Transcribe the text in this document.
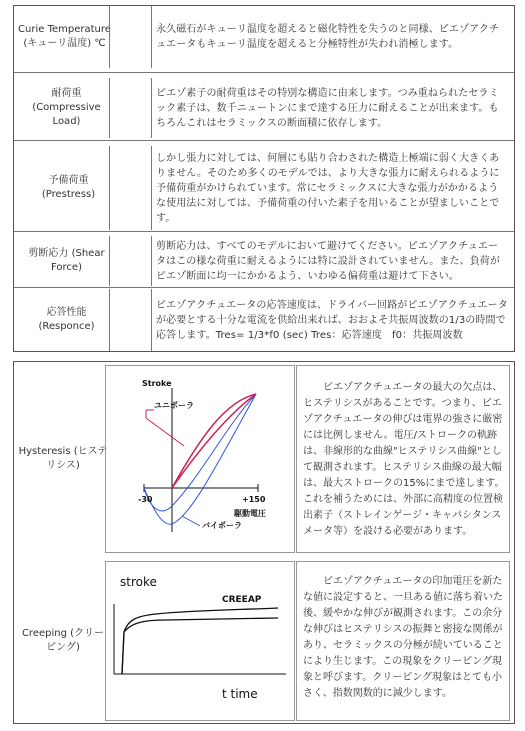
Curie Temperature (キューリ温度) ℃
永久磁石がキューリ温度を超えると磁化特性を失うのと同様、ピエゾアクチュエータもキューリ温度を超えると分極特性が失われ消極します。
耐荷重 (Compressive Load)
ピエゾ素子の耐荷重はその特別な構造に由来します。つみ重ねられたセラミック素子は、数千ニュートンにまで達する圧力に耐えることが出来ます。もちろんこれはセラミックスの断面積に依存します。
予備荷重 (Prestress)
しかし張力に対しては、何層にも貼り合わされた構造上極端に弱く大きくありません。そのため多くのモデルでは、より大きな張力に耐えられるように予備荷重がかけられています。常にセラミックスに大きな張力がかかるような使用法に対しては、予備荷重の付いた素子を用いることが望ましいことです。
剪断応力 (Shear Force)
剪断応力は、すべてのモデルにおいて避けてください。ピエゾアクチュエータはこの様な荷重に耐えるようには特に設計されていません。また、負荷がピエゾ断面に均一にかかるよう、いわゆる偏荷重は避けて下さい。
応答性能 (Responce)
ピエゾアクチュエータの応答速度は、ドライバー回路がピエゾアクチュエータが必要とする十分な電流を供給出来れば、おおよそ共振周波数の1/3の時間で応答します。Tres= 1/3*f0 (sec) Tres：応答速度　f0：共振周波数
Hysteresis (ヒステリシス)
Stroke
ユニポーラ
バイポーラ
-30	+150
駆動電圧
ピエゾアクチュエータの最大の欠点は、ヒステリシスがあることです。つまり、ピエゾアクチュエータの伸びは電界の強さに厳密には比例しません。電圧/ストロークの軌跡は、非線形的な曲線"ヒステリシス曲線"として観測されます。ヒステリシス曲線の最大幅は、最大ストロークの15%にまで達します。これを補うためには、外部に高精度の位置検出素子（ストレインゲージ・キャパシタンスメータ等）を設ける必要があります。
Creeping (クリーピング)
stroke
CREEAP
t time
ピエゾアクチュエータの印加電圧を新たな値に設定すると、一旦ある値に落ち着いた後、緩やかな伸びが観測されます。この余分な伸びはヒステリシスの振舞と密接な関係があり、セラミックスの分極が続いていることにより生じます。この現象をクリーピング現象と呼びます。クリーピング現象はとても小さく、指数関数的に減少します。
